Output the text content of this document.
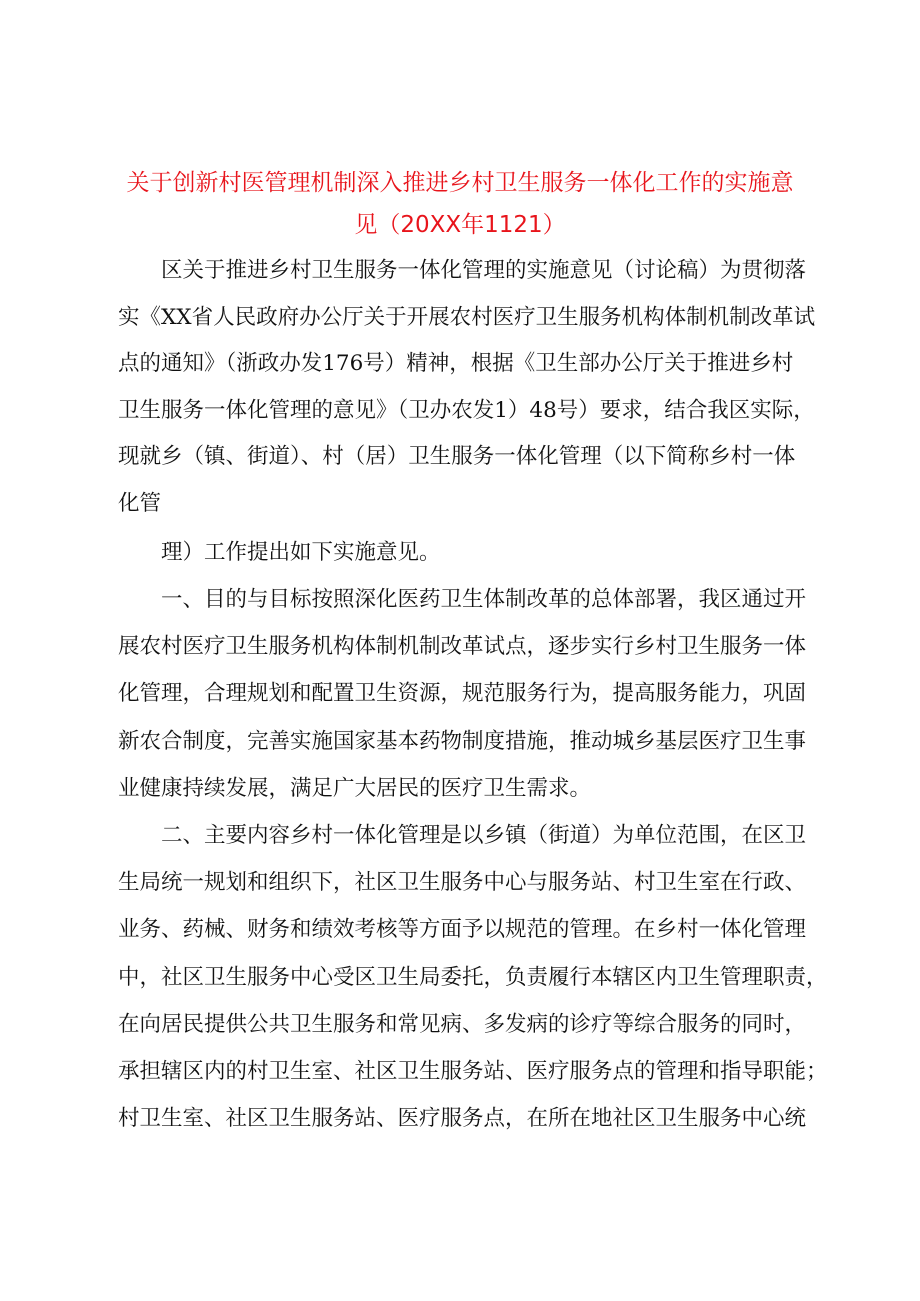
关于创新村医管理机制深入推进乡村卫生服务一体化工作的实施意
见（20XX年1121）
区关于推进乡村卫生服务一体化管理的实施意见（讨论稿）为贯彻落
实《XX省人民政府办公厅关于开展农村医疗卫生服务机构体制机制改革试
点的通知》（浙政办发176号）精神，根据《卫生部办公厅关于推进乡村
卫生服务一体化管理的意见》（卫办农发1）48号）要求，结合我区实际，
现就乡（镇、街道）、村（居）卫生服务一体化管理（以下简称乡村一体
化管
理）工作提出如下实施意见。
一、目的与目标按照深化医药卫生体制改革的总体部署，我区通过开
展农村医疗卫生服务机构体制机制改革试点，逐步实行乡村卫生服务一体
化管理，合理规划和配置卫生资源，规范服务行为，提高服务能力，巩固
新农合制度，完善实施国家基本药物制度措施，推动城乡基层医疗卫生事
业健康持续发展，满足广大居民的医疗卫生需求。
二、主要内容乡村一体化管理是以乡镇（街道）为单位范围，在区卫
生局统一规划和组织下，社区卫生服务中心与服务站、村卫生室在行政、
业务、药械、财务和绩效考核等方面予以规范的管理。在乡村一体化管理
中，社区卫生服务中心受区卫生局委托，负责履行本辖区内卫生管理职责，
在向居民提供公共卫生服务和常见病、多发病的诊疗等综合服务的同时，
承担辖区内的村卫生室、社区卫生服务站、医疗服务点的管理和指导职能；
村卫生室、社区卫生服务站、医疗服务点，在所在地社区卫生服务中心统
